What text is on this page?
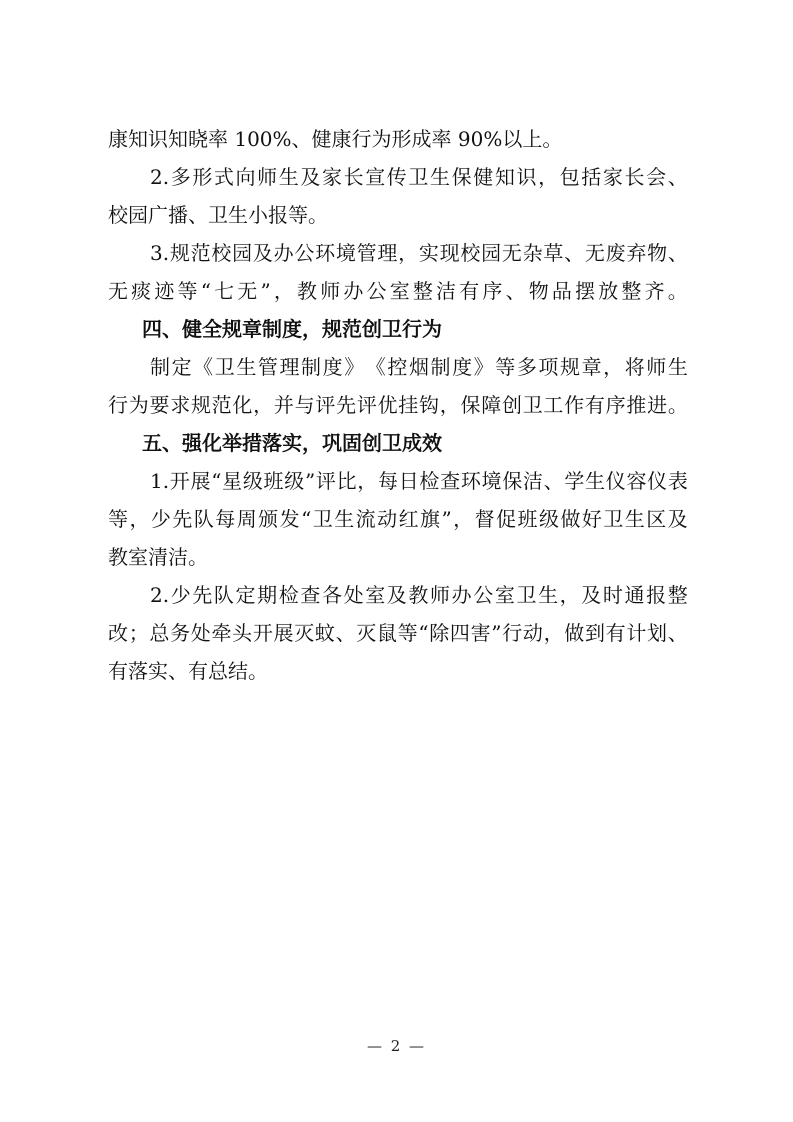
康知识知晓率 100%、健康行为形成率 90%以上。
2. 多 形 式 向 师 生 及 家 长 宣 传 卫 生 保 健 知 识 ， 包 括 家 长 会 、
校园广播、卫生小报等。
3. 规 范 校 园 及 办 公 环 境 管 理 ， 实 现 校 园 无 杂 草 、 无 废 弃 物 、
无 痰 迹 等 “ 七 无 ” ， 教 师 办 公 室 整 洁 有 序 、 物 品 摆 放 整 齐 。
四、健全规章制度，规范创卫行为
制 定 《 卫 生 管 理 制 度 》 《 控 烟 制 度 》 等 多 项 规 章 ， 将 师 生
行 为 要 求 规 范 化 ， 并 与 评 先 评 优 挂 钩 ， 保 障 创 卫 工 作 有 序 推 进 。
五、强化举措落实，巩固创卫成效
1. 开 展 “ 星 级 班 级 ” 评 比 ， 每 日 检 查 环 境 保 洁 、 学 生 仪 容 仪 表
等 ， 少 先 队 每 周 颁 发 “ 卫 生 流 动 红 旗 ” ， 督 促 班 级 做 好 卫 生 区 及
教室清洁。
2. 少 先 队 定 期 检 查 各 处 室 及 教 师 办 公 室 卫 生 ， 及 时 通 报 整
改 ； 总 务 处 牵 头 开 展 灭 蚊 、 灭 鼠 等 “ 除 四 害 ” 行 动 ， 做 到 有 计 划 、
有落实、有总结。
— 2 —
